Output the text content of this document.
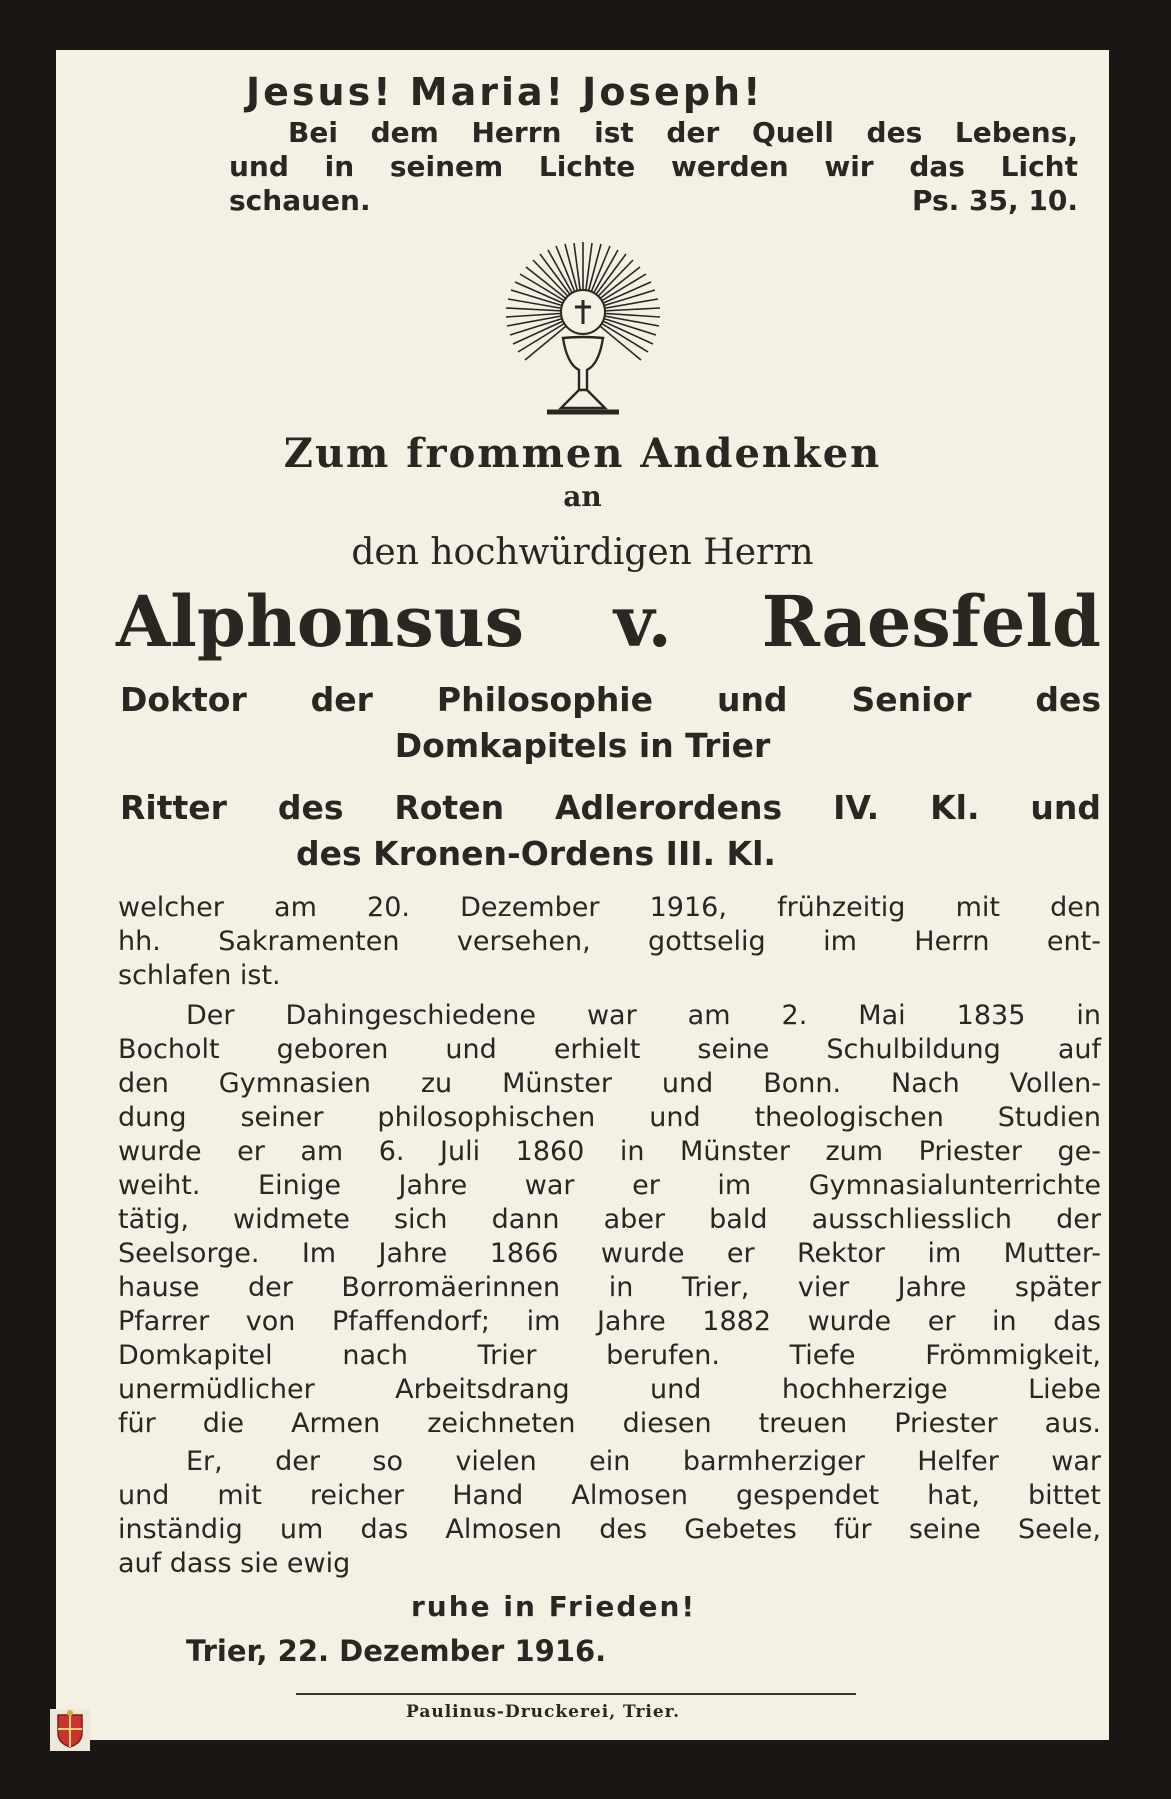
Jesus! Maria! Joseph!
Bei dem Herrn ist der Quell des Lebens,
und in seinem Lichte werden wir das Licht
schauen.	Ps. 35, 10.
Zum frommen Andenken
an
den hochwürdigen Herrn
Alphonsus v. Raesfeld
Doktor der Philosophie und Senior des
Domkapitels in Trier
Ritter des Roten Adlerordens IV. Kl. und
des Kronen-Ordens III. Kl.
welcher am 20. Dezember 1916, frühzeitig mit den
hh. Sakramenten versehen, gottselig im Herrn ent-
schlafen ist.
Der Dahingeschiedene war am 2. Mai 1835 in
Bocholt geboren und erhielt seine Schulbildung auf
den Gymnasien zu Münster und Bonn. Nach Vollen-
dung seiner philosophischen und theologischen Studien
wurde er am 6. Juli 1860 in Münster zum Priester ge-
weiht. Einige Jahre war er im Gymnasialunterrichte
tätig, widmete sich dann aber bald ausschliesslich der
Seelsorge. Im Jahre 1866 wurde er Rektor im Mutter-
hause der Borromäerinnen in Trier, vier Jahre später
Pfarrer von Pfaffendorf; im Jahre 1882 wurde er in das
Domkapitel nach Trier berufen. Tiefe Frömmigkeit,
unermüdlicher Arbeitsdrang und hochherzige Liebe
für die Armen zeichneten diesen treuen Priester aus.
Er, der so vielen ein barmherziger Helfer war
und mit reicher Hand Almosen gespendet hat, bittet
inständig um das Almosen des Gebetes für seine Seele,
auf dass sie ewig
ruhe in Frieden!
Trier, 22. Dezember 1916.
Paulinus-Druckerei, Trier.
